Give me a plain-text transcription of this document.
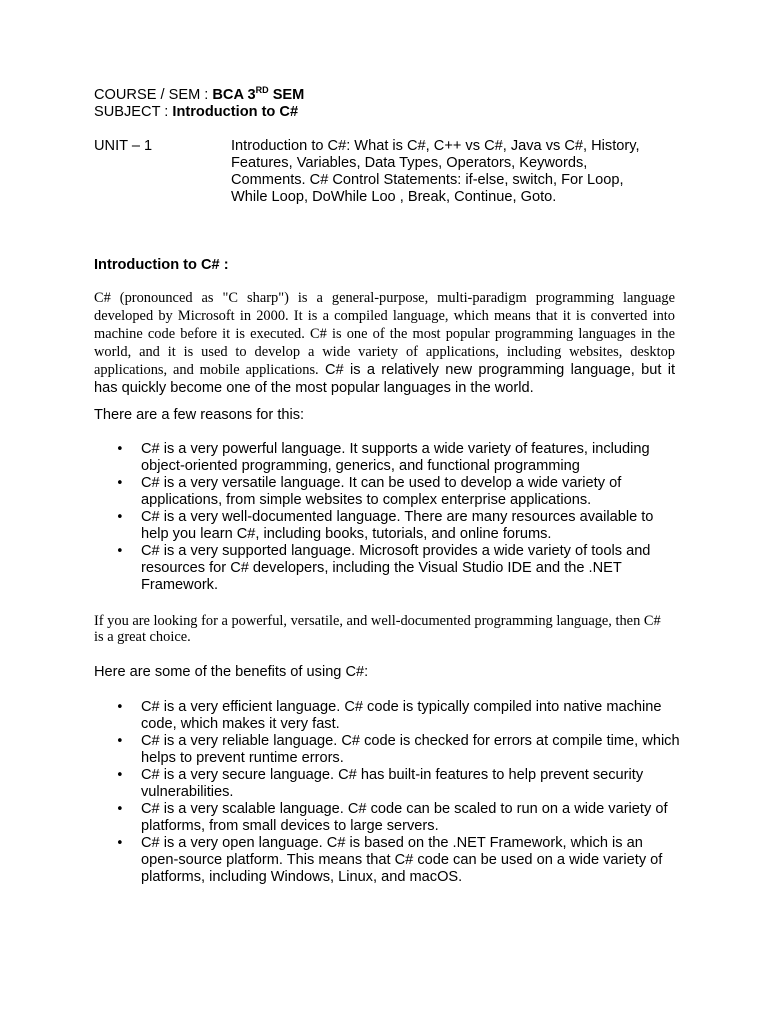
COURSE / SEM : BCA 3RD SEM
SUBJECT : Introduction to C#
UNIT – 1	Introduction to C#: What is C#, C++ vs C#, Java vs C#, History,
Features, Variables, Data Types, Operators, Keywords,
Comments. C# Control Statements: if-else, switch, For Loop,
While Loop, DoWhile Loo , Break, Continue, Goto.
Introduction to C# :
C# (pronounced as "C sharp") is a general-purpose, multi-paradigm programming language developed by Microsoft in 2000. It is a compiled language, which means that it is converted into machine code before it is executed. C# is one of the most popular programming languages in the world, and it is used to develop a wide variety of applications, including websites, desktop applications, and mobile applications. C# is a relatively new programming language, but it has quickly become one of the most popular languages in the world.
There are a few reasons for this:
• C# is a very powerful language. It supports a wide variety of features, including object-oriented programming, generics, and functional programming
• C# is a very versatile language. It can be used to develop a wide variety of applications, from simple websites to complex enterprise applications.
• C# is a very well-documented language. There are many resources available to help you learn C#, including books, tutorials, and online forums.
• C# is a very supported language. Microsoft provides a wide variety of tools and resources for C# developers, including the Visual Studio IDE and the .NET Framework.
If you are looking for a powerful, versatile, and well-documented programming language, then C# is a great choice.
Here are some of the benefits of using C#:
• C# is a very efficient language. C# code is typically compiled into native machine code, which makes it very fast.
• C# is a very reliable language. C# code is checked for errors at compile time, which helps to prevent runtime errors.
• C# is a very secure language. C# has built-in features to help prevent security vulnerabilities.
• C# is a very scalable language. C# code can be scaled to run on a wide variety of platforms, from small devices to large servers.
• C# is a very open language. C# is based on the .NET Framework, which is an open-source platform. This means that C# code can be used on a wide variety of platforms, including Windows, Linux, and macOS.
